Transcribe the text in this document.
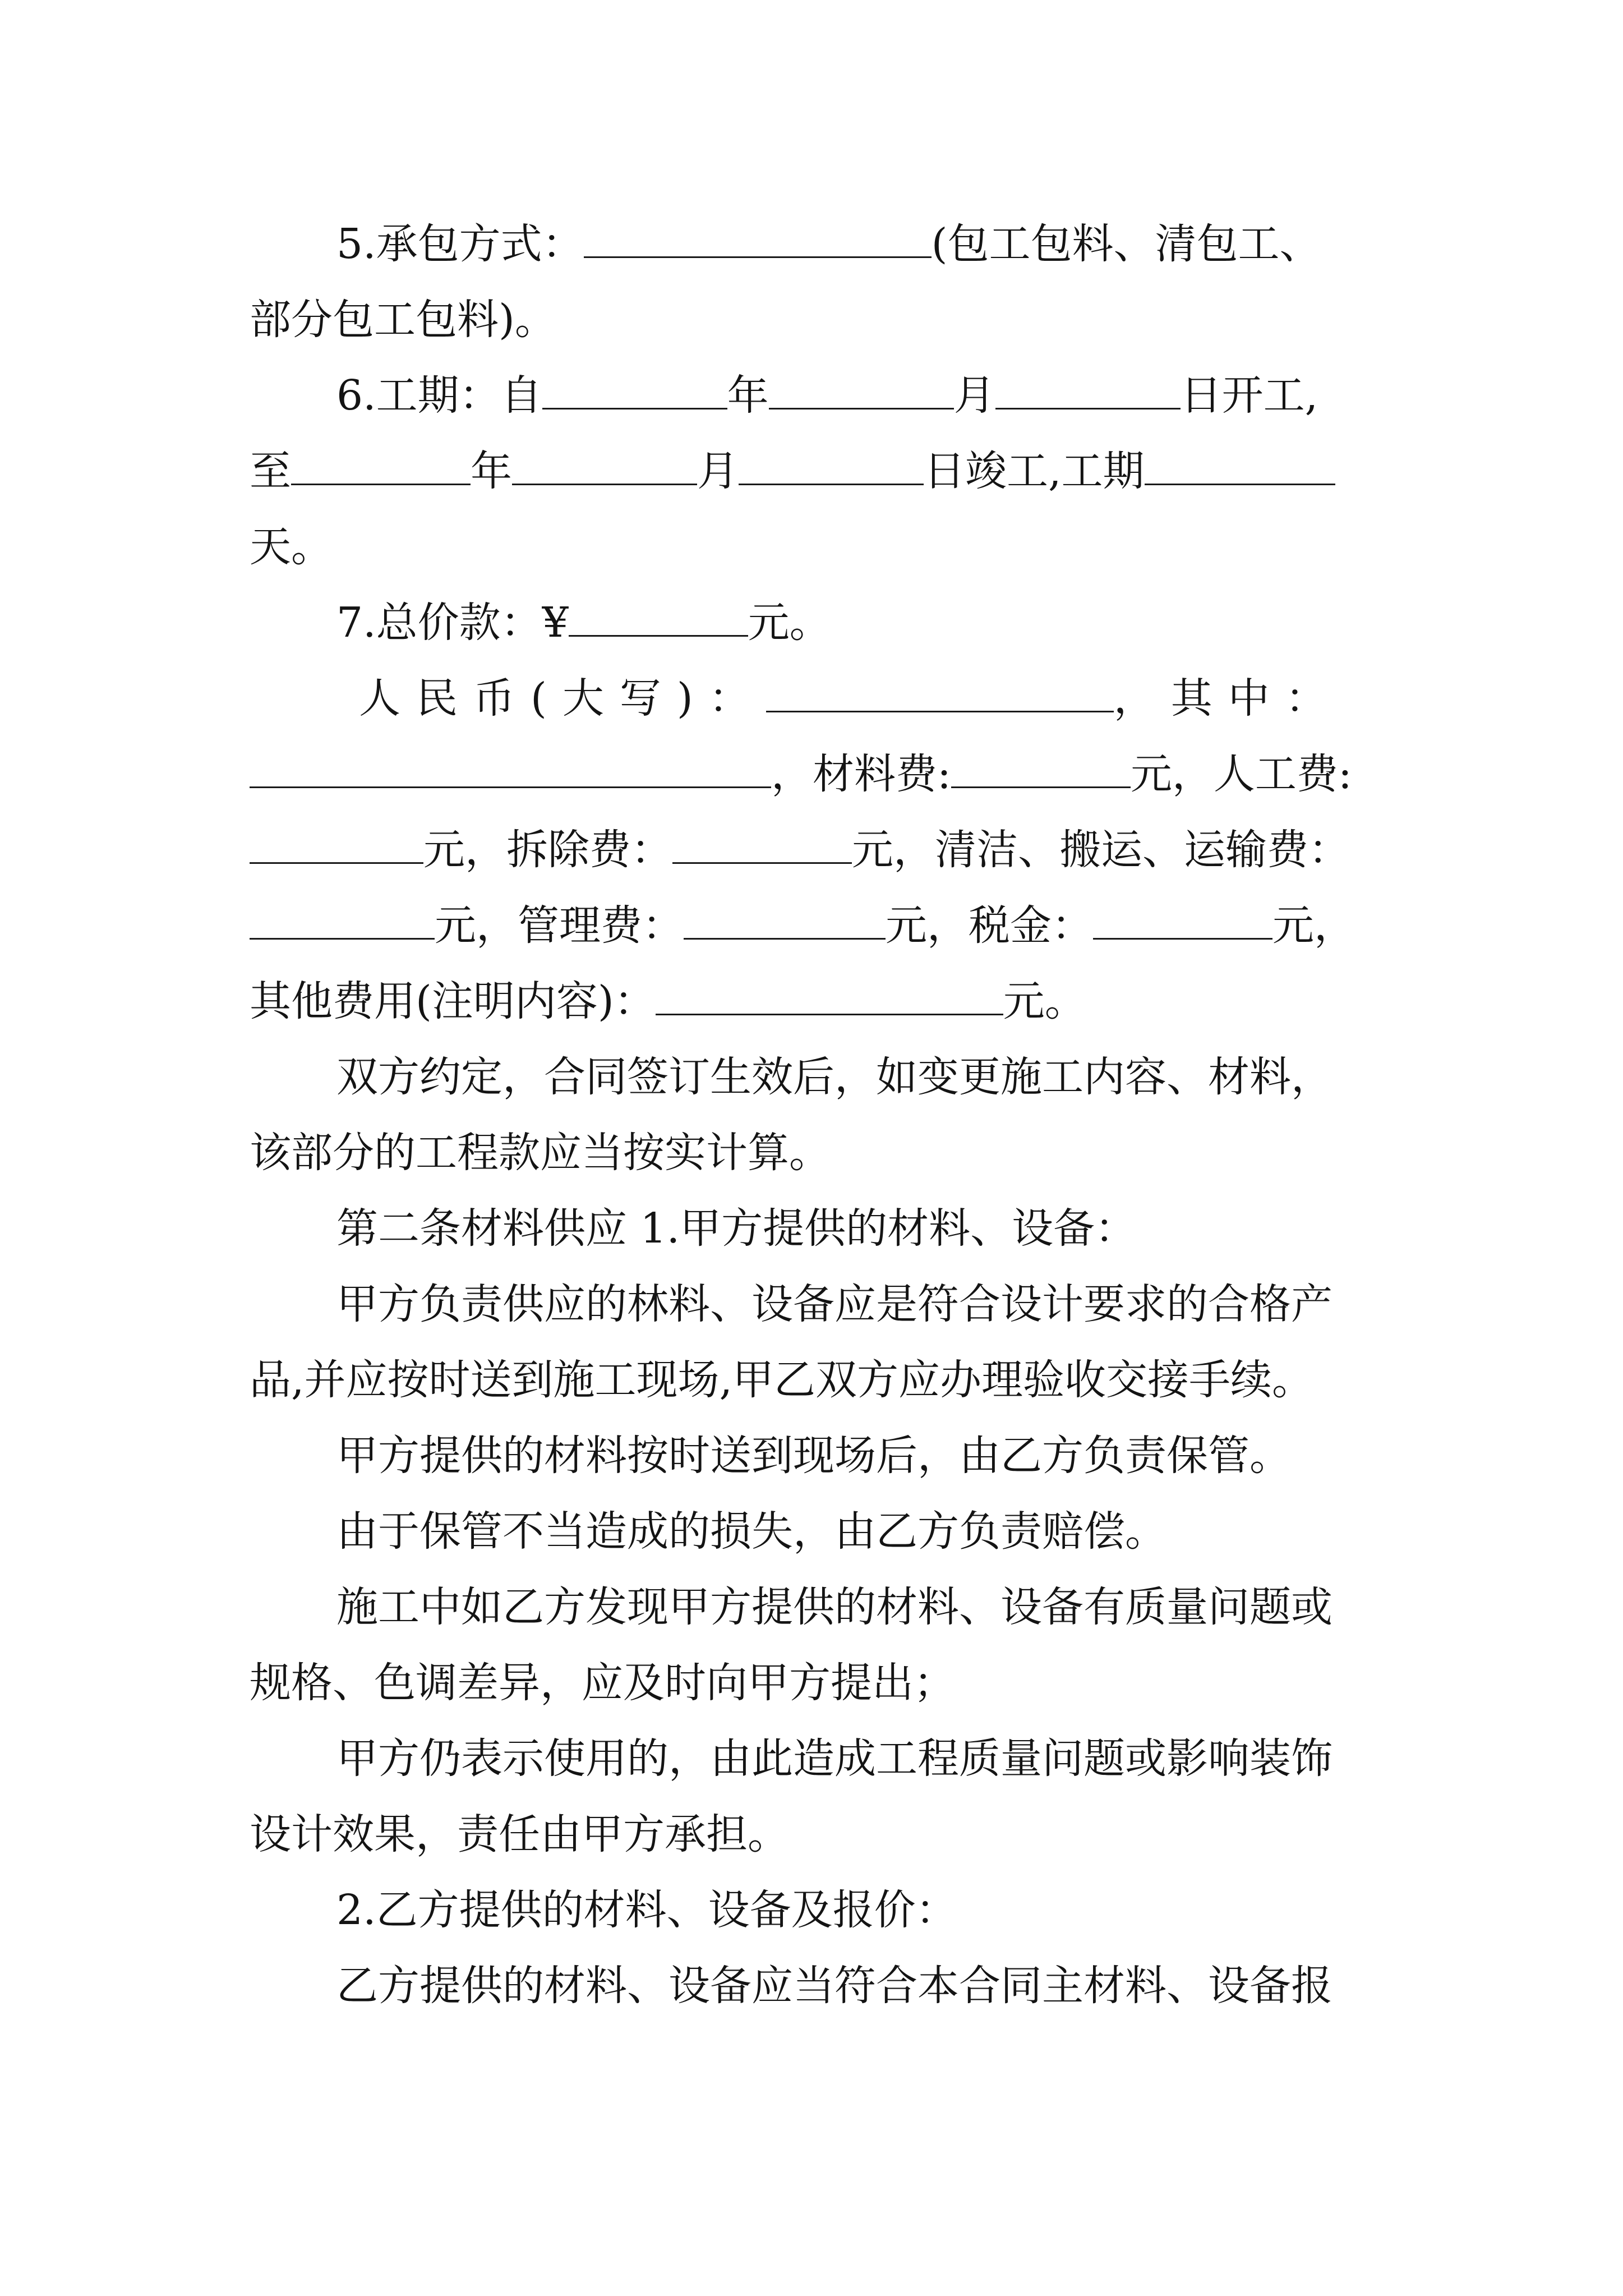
5.承包方式：	(包工包料、清包工、
部分包工包料)。
6.工期：自	年	月	日开工,
至	年	月	日竣工,工期
天。
7.总价款：¥	元。
人民币(大写)：	，其中：
，材料费:	元，人工费:
元，拆除费：	元，清洁、搬运、运输费：
元，管理费：	元，税金：	元，
其他费用(注明内容)：	元。
双方约定，合同签订生效后，如变更施工内容、材料，
该部分的工程款应当按实计算。
第二条材料供应 1.甲方提供的材料、设备：
甲方负责供应的林料、设备应是符合设计要求的合格产
品,并应按时送到施工现场,甲乙双方应办理验收交接手续。
甲方提供的材料按时送到现场后，由乙方负责保管。
由于保管不当造成的损失，由乙方负责赔偿。
施工中如乙方发现甲方提供的材料、设备有质量问题或
规格、色调差异，应及时向甲方提出；
甲方仍表示使用的，由此造成工程质量问题或影响装饰
设计效果，责任由甲方承担。
2.乙方提供的材料、设备及报价：
乙方提供的材料、设备应当符合本合同主材料、设备报
